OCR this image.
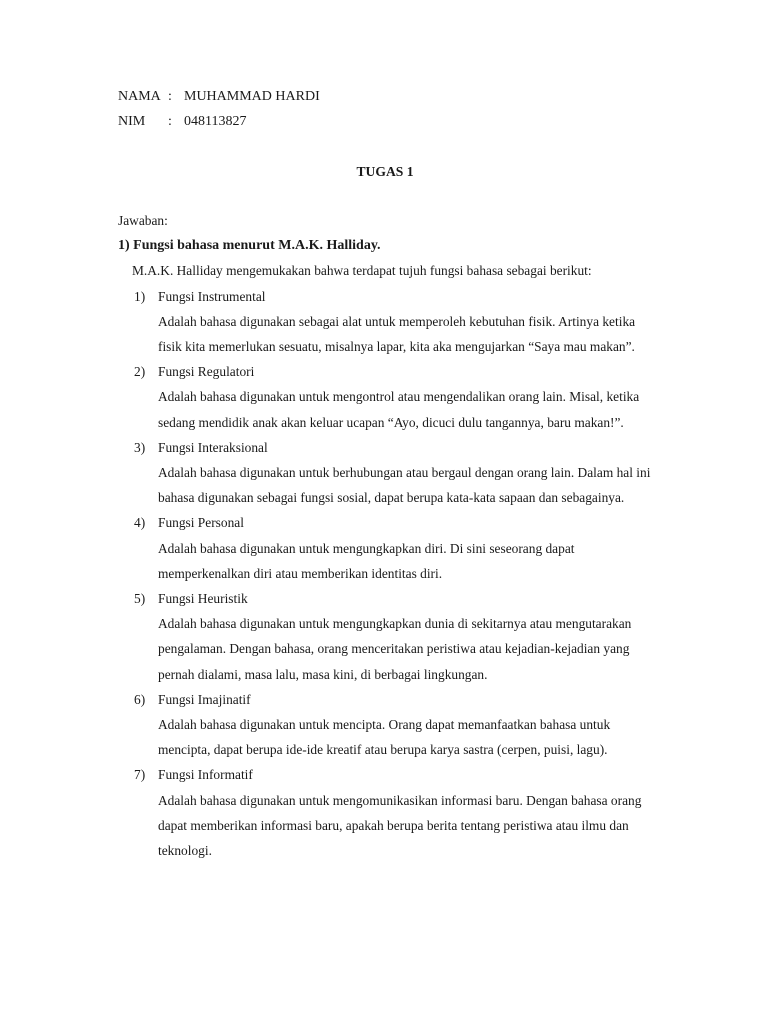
NAMA : MUHAMMAD HARDI
NIM	: 048113827
TUGAS 1

Jawaban:

1) Fungsi bahasa menurut M.A.K. Halliday.

M.A.K. Halliday mengemukakan bahwa terdapat tujuh fungsi bahasa sebagai berikut:

1) Fungsi Instrumental
Adalah bahasa digunakan sebagai alat untuk memperoleh kebutuhan fisik. Artinya ketika fisik kita memerlukan sesuatu, misalnya lapar, kita aka mengujarkan “Saya mau makan”.
2) Fungsi Regulatori
Adalah bahasa digunakan untuk mengontrol atau mengendalikan orang lain. Misal, ketika sedang mendidik anak akan keluar ucapan “Ayo, dicuci dulu tangannya, baru makan!”.
3) Fungsi Interaksional
Adalah bahasa digunakan untuk berhubungan atau bergaul dengan orang lain. Dalam hal ini bahasa digunakan sebagai fungsi sosial, dapat berupa kata-kata sapaan dan sebagainya.
4) Fungsi Personal
Adalah bahasa digunakan untuk mengungkapkan diri. Di sini seseorang dapat memperkenalkan diri atau memberikan identitas diri.
5) Fungsi Heuristik
Adalah bahasa digunakan untuk mengungkapkan dunia di sekitarnya atau mengutarakan pengalaman. Dengan bahasa, orang menceritakan peristiwa atau kejadian-kejadian yang pernah dialami, masa lalu, masa kini, di berbagai lingkungan.
6) Fungsi Imajinatif
Adalah bahasa digunakan untuk mencipta. Orang dapat memanfaatkan bahasa untuk mencipta, dapat berupa ide-ide kreatif atau berupa karya sastra (cerpen, puisi, lagu).
7) Fungsi Informatif
Adalah bahasa digunakan untuk mengomunikasikan informasi baru. Dengan bahasa orang dapat memberikan informasi baru, apakah berupa berita tentang peristiwa atau ilmu dan teknologi.
